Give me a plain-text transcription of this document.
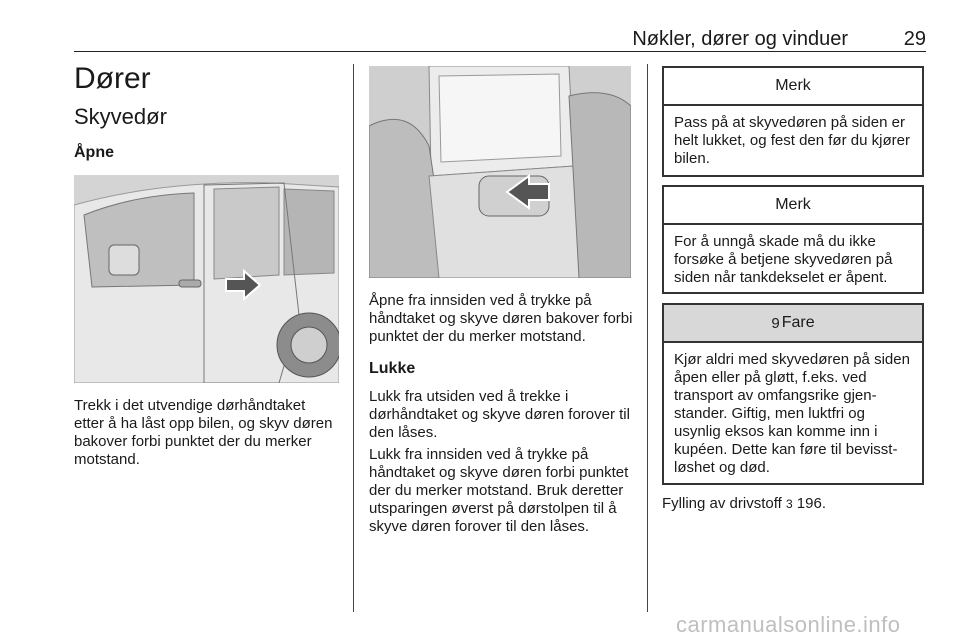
Nøkler, dører og vinduer	29
Dører
Skyvedør
Åpne

Trekk i det utvendige dørhåndtaket etter å ha låst opp bilen, og skyv døren bakover forbi punktet der du merker motstand.

Åpne fra innsiden ved å trykke på håndtaket og skyve døren bakover forbi punktet der du merker motstand.

Lukke

Lukk fra utsiden ved å trekke i dørhåndtaket og skyve døren forover til den låses.

Lukk fra innsiden ved å trykke på håndtaket og skyve døren forbi punktet der du merker motstand. Bruk deretter utsparingen øverst på dørstolpen til å skyve døren forover til den låses.

Merk
Pass på at skyvedøren på siden er helt lukket, og fest den før du kjører bilen.
Merk
For å unngå skade må du ikke forsøke å betjene skyvedøren på siden når tankdekselet er åpent.
9 Fare
Kjør aldri med skyvedøren på siden åpen eller på gløtt, f.eks. ved transport av omfangsrike gjenstander. Giftig, men luktfri og usynlig eksos kan komme inn i kupéen. Dette kan føre til bevisstløshet og død.

Fylling av drivstoff 3 196.

carmanualsonline.info
